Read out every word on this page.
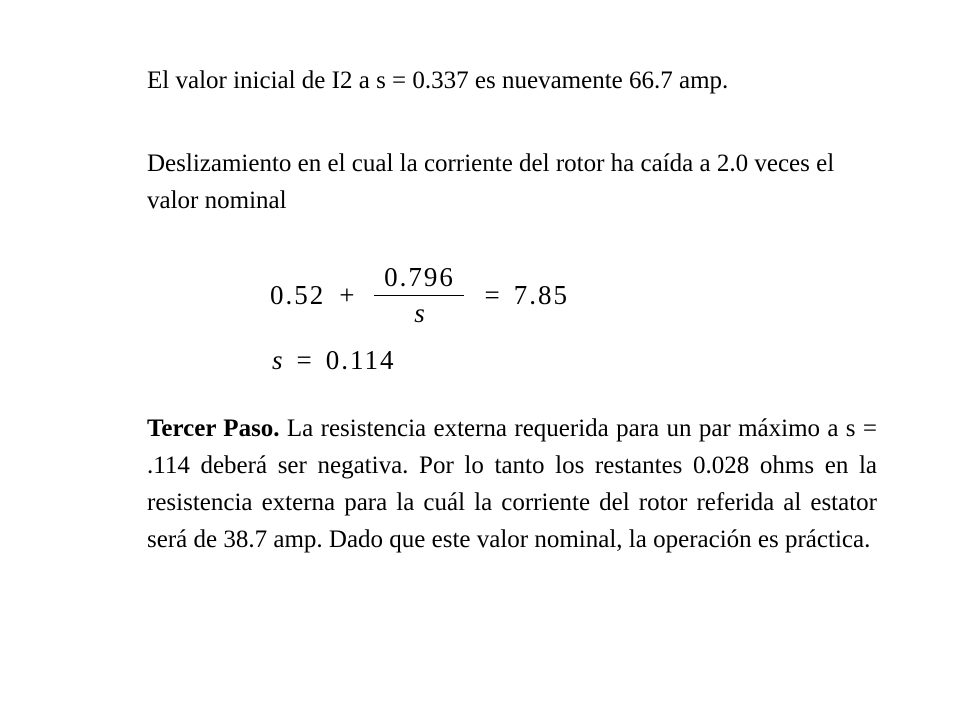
El valor inicial de I2 a s = 0.337 es nuevamente 66.7 amp.
Deslizamiento en el cual la corriente del rotor ha caída a 2.0 veces el valor nominal
$0.52 + \frac{0.796}{s} = 7.85$
s = 0.114
Tercer Paso. La resistencia externa requerida para un par máximo a s = .114 deberá ser negativa. Por lo tanto los restantes 0.028 ohms en la resistencia externa para la cuál la corriente del rotor referida al estator será de 38.7 amp. Dado que este valor nominal, la operación es práctica.
